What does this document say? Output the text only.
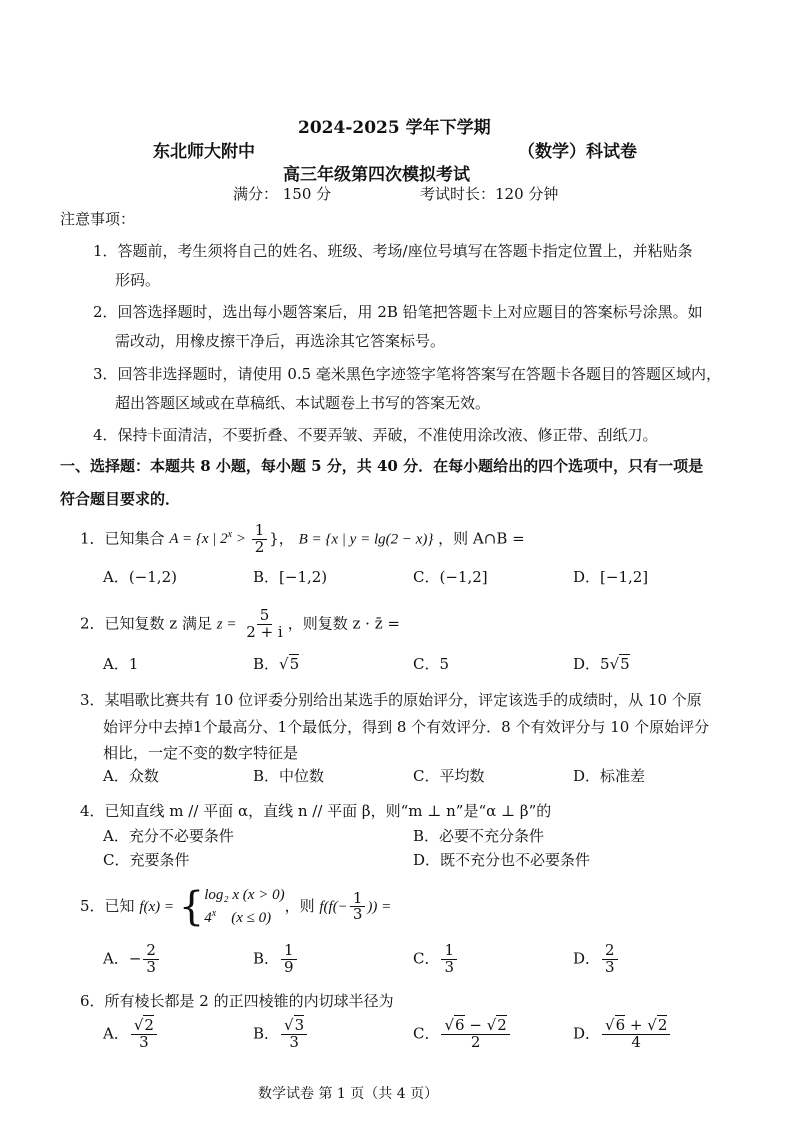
2024-2025 学年下学期
东北师大附中	（数学）科试卷
高三年级第四次模拟考试
满分： 150 分	考试时长：120 分钟
注意事项：
1．答题前，考生须将自己的姓名、班级、考场/座位号填写在答题卡指定位置上，并粘贴条
形码。
2．回答选择题时，选出每小题答案后，用 2B 铅笔把答题卡上对应题目的答案标号涂黑。如
需改动，用橡皮擦干净后，再选涂其它答案标号。
3．回答非选择题时，请使用 0.5 毫米黑色字迹签字笔将答案写在答题卡各题目的答题区域内，
超出答题区域或在草稿纸、本试题卷上书写的答案无效。
4．保持卡面清洁，不要折叠、不要弄皱、弄破，不准使用涂改液、修正带、刮纸刀。
一、选择题：本题共 8 小题，每小题 5 分，共 40 分．在每小题给出的四个选项中，只有一项是
符合题目要求的．
1．已知集合 A = {x | $2^x > \frac{1}{2}$ }， B = {x | y = lg(2 − x)} ，则 A∩B =
A．(−1,2)	B．[−1,2)	C．(−1,2]	D．[−1,2]
2．已知复数 z 满足 $z = \frac{5}{2 + i}$ ，则复数 z · z̄ =
A．1	B．√5	C．5	D．5√5
3．某唱歌比赛共有 10 位评委分别给出某选手的原始评分，评定该选手的成绩时，从 10 个原
始评分中去掉1个最高分、1个最低分，得到 8 个有效评分．8 个有效评分与 10 个原始评分
相比，一定不变的数字特征是
A．众数	B．中位数	C．平均数	D．标准差
4．已知直线 m // 平面 α，直线 n // 平面 β，则“m ⊥ n”是“α ⊥ β”的
A．充分不必要条件	B．必要不充分条件
C．充要条件	D．既不充分也不必要条件
5．已知 f(x) = {log₂ x (x > 0)
4$^x$ (x ≤ 0)，则 $f(f(- \frac{1}{3}$ )) =
A．− $\frac{2}{3}$	B． $\frac{1}{9}$	C． $\frac{1}{3}$	D． $\frac{2}{3}$
6．所有棱长都是 2 的正四棱锥的内切球半径为
A． $\frac{√2}{3}$	B． $\frac{√3}{3}$	C． $\frac{√6 - √2}{2}$	D． $\frac{√6 + √2}{4}$
数学试卷 第 1 页（共 4 页）
